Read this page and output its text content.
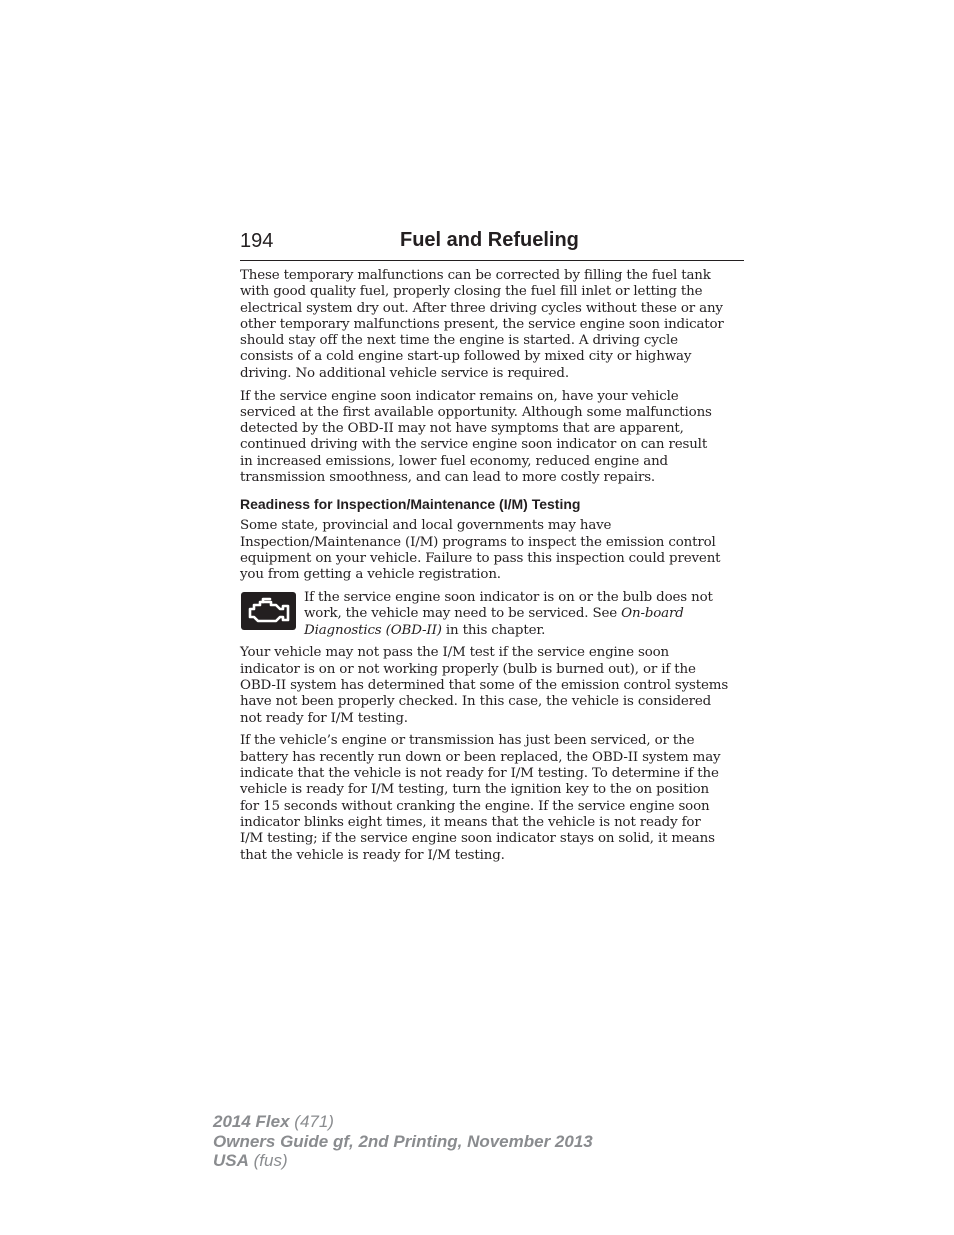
194	Fuel and Refueling

These temporary malfunctions can be corrected by filling the fuel tank
with good quality fuel, properly closing the fuel fill inlet or letting the
electrical system dry out. After three driving cycles without these or any
other temporary malfunctions present, the service engine soon indicator
should stay off the next time the engine is started. A driving cycle
consists of a cold engine start-up followed by mixed city or highway
driving. No additional vehicle service is required.

If the service engine soon indicator remains on, have your vehicle
serviced at the first available opportunity. Although some malfunctions
detected by the OBD-II may not have symptoms that are apparent,
continued driving with the service engine soon indicator on can result
in increased emissions, lower fuel economy, reduced engine and
transmission smoothness, and can lead to more costly repairs.

Readiness for Inspection/Maintenance (I/M) Testing

Some state, provincial and local governments may have
Inspection/Maintenance (I/M) programs to inspect the emission control
equipment on your vehicle. Failure to pass this inspection could prevent
you from getting a vehicle registration.

If the service engine soon indicator is on or the bulb does not
work, the vehicle may need to be serviced. See On-board
Diagnostics (OBD-II) in this chapter.

Your vehicle may not pass the I/M test if the service engine soon
indicator is on or not working properly (bulb is burned out), or if the
OBD-II system has determined that some of the emission control systems
have not been properly checked. In this case, the vehicle is considered
not ready for I/M testing.

If the vehicle’s engine or transmission has just been serviced, or the
battery has recently run down or been replaced, the OBD-II system may
indicate that the vehicle is not ready for I/M testing. To determine if the
vehicle is ready for I/M testing, turn the ignition key to the on position
for 15 seconds without cranking the engine. If the service engine soon
indicator blinks eight times, it means that the vehicle is not ready for
I/M testing; if the service engine soon indicator stays on solid, it means
that the vehicle is ready for I/M testing.

2014 Flex (471)
Owners Guide gf, 2nd Printing, November 2013
USA (fus)
